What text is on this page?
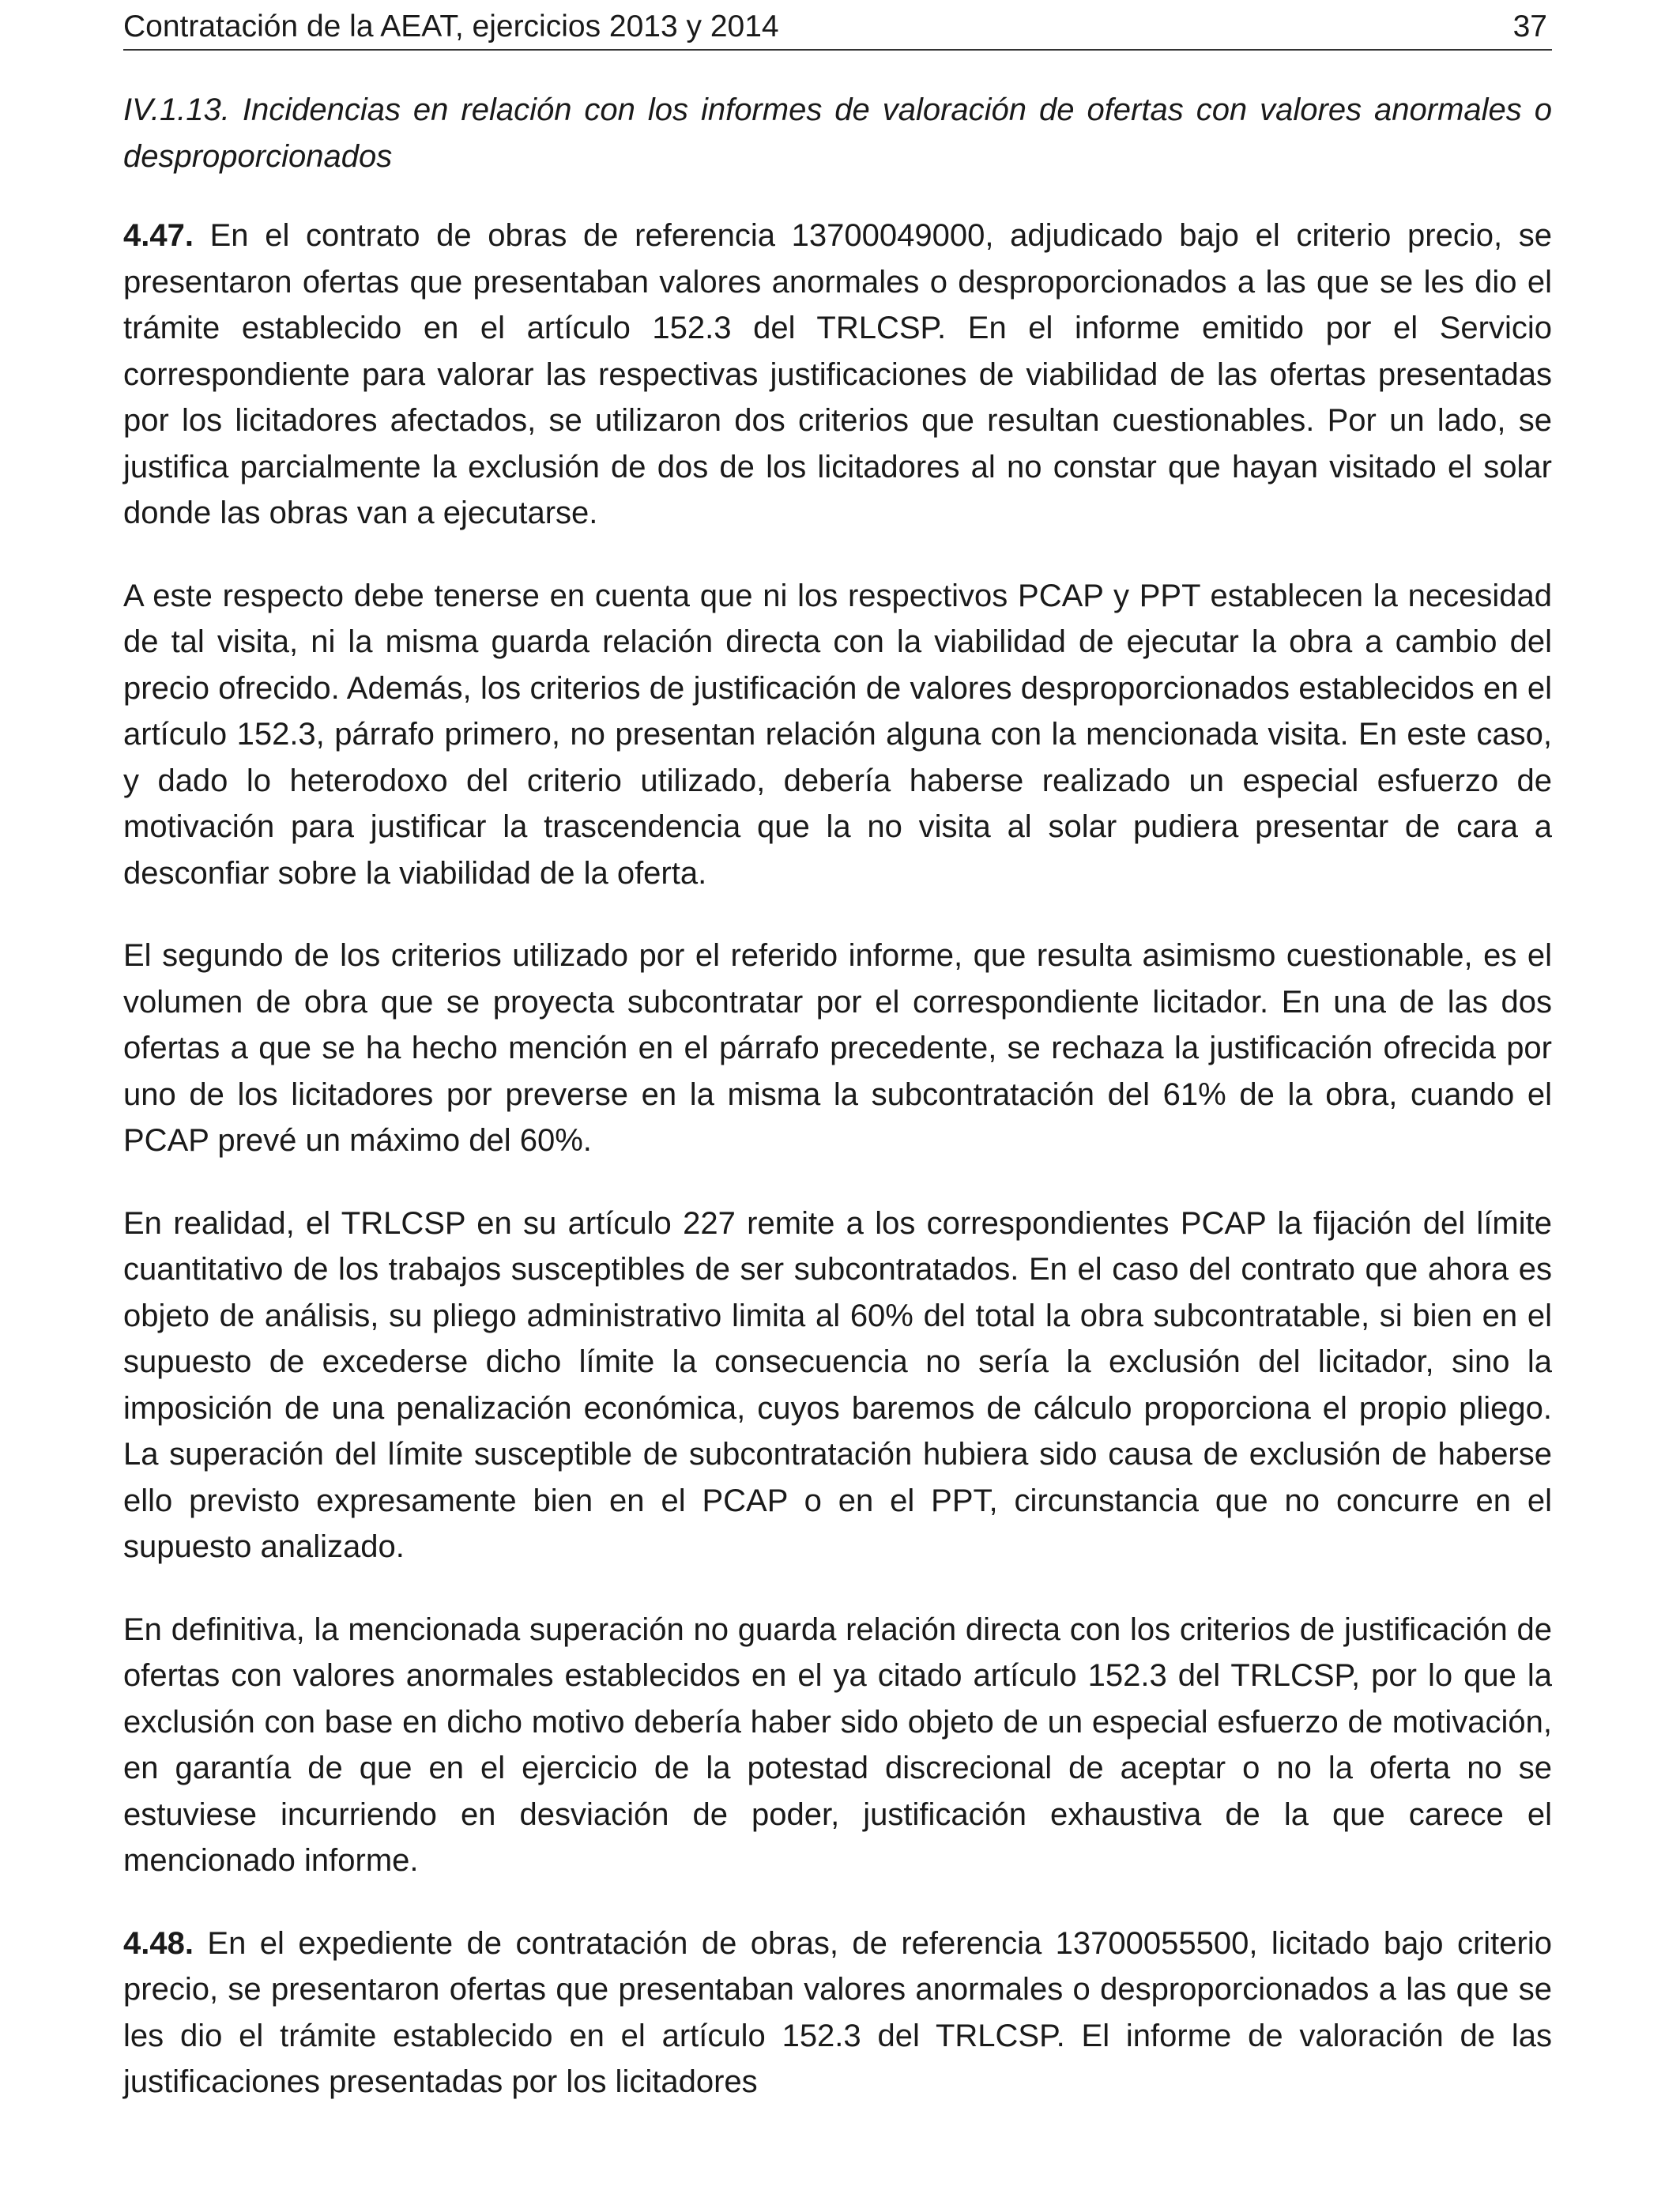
Contratación de la AEAT, ejercicios 2013 y 2014	37

IV.1.13. Incidencias en relación con los informes de valoración de ofertas con valores anormales o desproporcionados

4.47. En el contrato de obras de referencia 13700049000, adjudicado bajo el criterio precio, se presentaron ofertas que presentaban valores anormales o desproporcionados a las que se les dio el trámite establecido en el artículo 152.3 del TRLCSP. En el informe emitido por el Servicio correspondiente para valorar las respectivas justificaciones de viabilidad de las ofertas presentadas por los licitadores afectados, se utilizaron dos criterios que resultan cuestionables. Por un lado, se justifica parcialmente la exclusión de dos de los licitadores al no constar que hayan visitado el solar donde las obras van a ejecutarse.

A este respecto debe tenerse en cuenta que ni los respectivos PCAP y PPT establecen la necesidad de tal visita, ni la misma guarda relación directa con la viabilidad de ejecutar la obra a cambio del precio ofrecido. Además, los criterios de justificación de valores desproporcionados establecidos en el artículo 152.3, párrafo primero, no presentan relación alguna con la mencionada visita. En este caso, y dado lo heterodoxo del criterio utilizado, debería haberse realizado un especial esfuerzo de motivación para justificar la trascendencia que la no visita al solar pudiera presentar de cara a desconfiar sobre la viabilidad de la oferta.

El segundo de los criterios utilizado por el referido informe, que resulta asimismo cuestionable, es el volumen de obra que se proyecta subcontratar por el correspondiente licitador. En una de las dos ofertas a que se ha hecho mención en el párrafo precedente, se rechaza la justificación ofrecida por uno de los licitadores por preverse en la misma la subcontratación del 61% de la obra, cuando el PCAP prevé un máximo del 60%.

En realidad, el TRLCSP en su artículo 227 remite a los correspondientes PCAP la fijación del límite cuantitativo de los trabajos susceptibles de ser subcontratados. En el caso del contrato que ahora es objeto de análisis, su pliego administrativo limita al 60% del total la obra subcontratable, si bien en el supuesto de excederse dicho límite la consecuencia no sería la exclusión del licitador, sino la imposición de una penalización económica, cuyos baremos de cálculo proporciona el propio pliego. La superación del límite susceptible de subcontratación hubiera sido causa de exclusión de haberse ello previsto expresamente bien en el PCAP o en el PPT, circunstancia que no concurre en el supuesto analizado.

En definitiva, la mencionada superación no guarda relación directa con los criterios de justificación de ofertas con valores anormales establecidos en el ya citado artículo 152.3 del TRLCSP, por lo que la exclusión con base en dicho motivo debería haber sido objeto de un especial esfuerzo de motivación, en garantía de que en el ejercicio de la potestad discrecional de aceptar o no la oferta no se estuviese incurriendo en desviación de poder, justificación exhaustiva de la que carece el mencionado informe.

4.48. En el expediente de contratación de obras, de referencia 13700055500, licitado bajo criterio precio, se presentaron ofertas que presentaban valores anormales o desproporcionados a las que se les dio el trámite establecido en el artículo 152.3 del TRLCSP. El informe de valoración de las justificaciones presentadas por los licitadores
